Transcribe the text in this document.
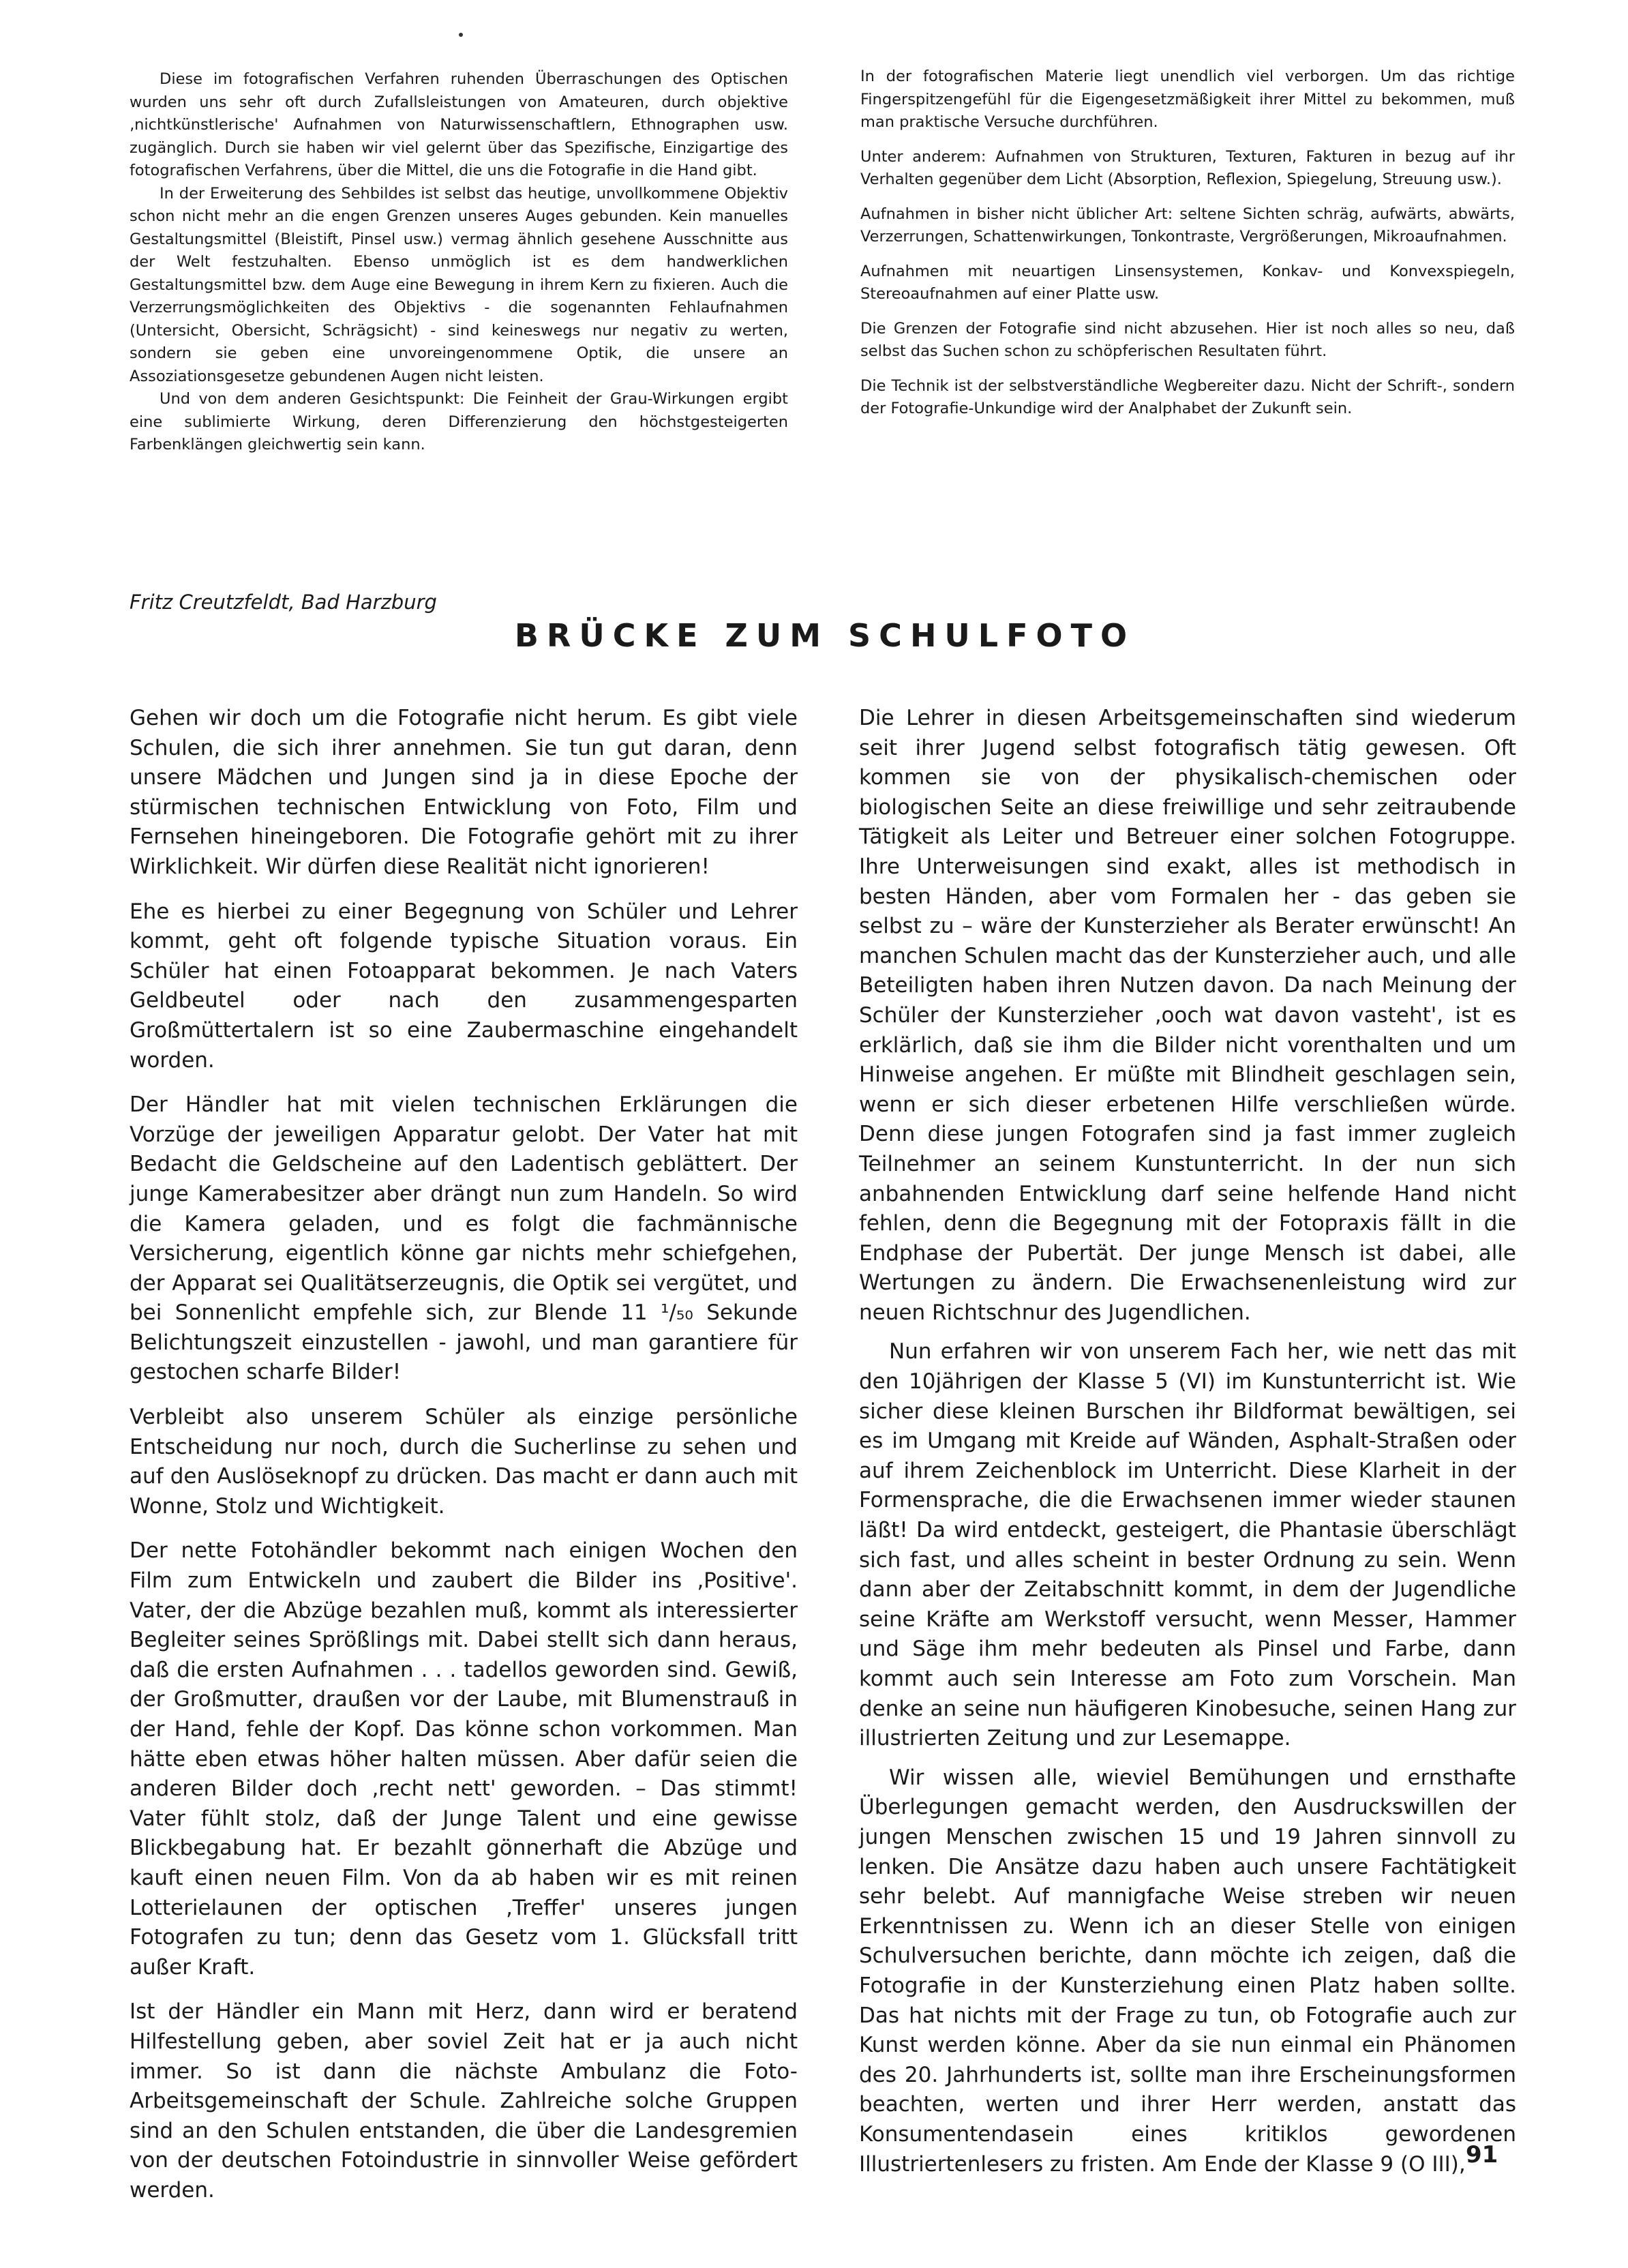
Diese im fotografischen Verfahren ruhenden Überraschungen des Optischen wurden uns sehr oft durch Zufallsleistungen von Amateuren, durch objektive ‚nichtkünstlerische' Aufnahmen von Naturwissenschaftlern, Ethnographen usw. zugänglich. Durch sie haben wir viel gelernt über das Spezifische, Einzigartige des fotografischen Verfahrens, über die Mittel, die uns die Fotografie in die Hand gibt.

In der Erweiterung des Sehbildes ist selbst das heutige, unvollkommene Objektiv schon nicht mehr an die engen Grenzen unseres Auges gebunden. Kein manuelles Gestaltungsmittel (Bleistift, Pinsel usw.) vermag ähnlich gesehene Ausschnitte aus der Welt festzuhalten. Ebenso unmöglich ist es dem handwerklichen Gestaltungsmittel bzw. dem Auge eine Bewegung in ihrem Kern zu fixieren. Auch die Verzerrungsmöglichkeiten des Objektivs - die sogenannten Fehlaufnahmen (Untersicht, Obersicht, Schrägsicht) - sind keineswegs nur negativ zu werten, sondern sie geben eine unvoreingenommene Optik, die unsere an Assoziationsgesetze gebundenen Augen nicht leisten.

Und von dem anderen Gesichtspunkt: Die Feinheit der Grau-Wirkungen ergibt eine sublimierte Wirkung, deren Differenzierung den höchstgesteigerten Farbenklängen gleichwertig sein kann.

In der fotografischen Materie liegt unendlich viel verborgen. Um das richtige Fingerspitzengefühl für die Eigengesetzmäßigkeit ihrer Mittel zu bekommen, muß man praktische Versuche durchführen.

Unter anderem: Aufnahmen von Strukturen, Texturen, Fakturen in bezug auf ihr Verhalten gegenüber dem Licht (Absorption, Reflexion, Spiegelung, Streuung usw.).

Aufnahmen in bisher nicht üblicher Art: seltene Sichten schräg, aufwärts, abwärts, Verzerrungen, Schattenwirkungen, Tonkontraste, Vergrößerungen, Mikroaufnahmen.

Aufnahmen mit neuartigen Linsensystemen, Konkav- und Konvexspiegeln, Stereoaufnahmen auf einer Platte usw.

Die Grenzen der Fotografie sind nicht abzusehen. Hier ist noch alles so neu, daß selbst das Suchen schon zu schöpferischen Resultaten führt.

Die Technik ist der selbstverständliche Wegbereiter dazu. Nicht der Schrift-, sondern der Fotografie-Unkundige wird der Analphabet der Zukunft sein.

Fritz Creutzfeldt, Bad Harzburg
BRÜCKE ZUM SCHULFOTO

Gehen wir doch um die Fotografie nicht herum. Es gibt viele Schulen, die sich ihrer annehmen. Sie tun gut daran, denn unsere Mädchen und Jungen sind ja in diese Epoche der stürmischen technischen Entwicklung von Foto, Film und Fernsehen hineingeboren. Die Fotografie gehört mit zu ihrer Wirklichkeit. Wir dürfen diese Realität nicht ignorieren!

Ehe es hierbei zu einer Begegnung von Schüler und Lehrer kommt, geht oft folgende typische Situation voraus. Ein Schüler hat einen Fotoapparat bekommen. Je nach Vaters Geldbeutel oder nach den zusammengesparten Großmüttertalern ist so eine Zaubermaschine eingehandelt worden.

Der Händler hat mit vielen technischen Erklärungen die Vorzüge der jeweiligen Apparatur gelobt. Der Vater hat mit Bedacht die Geldscheine auf den Ladentisch geblättert. Der junge Kamerabesitzer aber drängt nun zum Handeln. So wird die Kamera geladen, und es folgt die fachmännische Versicherung, eigentlich könne gar nichts mehr schiefgehen, der Apparat sei Qualitätserzeugnis, die Optik sei vergütet, und bei Sonnenlicht empfehle sich, zur Blende 11 ¹/₅₀ Sekunde Belichtungszeit einzustellen - jawohl, und man garantiere für gestochen scharfe Bilder!

Verbleibt also unserem Schüler als einzige persönliche Entscheidung nur noch, durch die Sucherlinse zu sehen und auf den Auslöseknopf zu drücken. Das macht er dann auch mit Wonne, Stolz und Wichtigkeit.

Der nette Fotohändler bekommt nach einigen Wochen den Film zum Entwickeln und zaubert die Bilder ins ‚Positive'. Vater, der die Abzüge bezahlen muß, kommt als interessierter Begleiter seines Sprößlings mit. Dabei stellt sich dann heraus, daß die ersten Aufnahmen . . . tadellos geworden sind. Gewiß, der Großmutter, draußen vor der Laube, mit Blumenstrauß in der Hand, fehle der Kopf. Das könne schon vorkommen. Man hätte eben etwas höher halten müssen. Aber dafür seien die anderen Bilder doch ‚recht nett' geworden. – Das stimmt! Vater fühlt stolz, daß der Junge Talent und eine gewisse Blickbegabung hat. Er bezahlt gönnerhaft die Abzüge und kauft einen neuen Film. Von da ab haben wir es mit reinen Lotterielaunen der optischen ‚Treffer' unseres jungen Fotografen zu tun; denn das Gesetz vom 1. Glücksfall tritt außer Kraft.

Ist der Händler ein Mann mit Herz, dann wird er beratend Hilfestellung geben, aber soviel Zeit hat er ja auch nicht immer. So ist dann die nächste Ambulanz die Foto-Arbeitsgemeinschaft der Schule. Zahlreiche solche Gruppen sind an den Schulen entstanden, die über die Landesgremien von der deutschen Fotoindustrie in sinnvoller Weise gefördert werden.

Die Lehrer in diesen Arbeitsgemeinschaften sind wiederum seit ihrer Jugend selbst fotografisch tätig gewesen. Oft kommen sie von der physikalisch-chemischen oder biologischen Seite an diese freiwillige und sehr zeitraubende Tätigkeit als Leiter und Betreuer einer solchen Fotogruppe. Ihre Unterweisungen sind exakt, alles ist methodisch in besten Händen, aber vom Formalen her - das geben sie selbst zu – wäre der Kunsterzieher als Berater erwünscht! An manchen Schulen macht das der Kunsterzieher auch, und alle Beteiligten haben ihren Nutzen davon. Da nach Meinung der Schüler der Kunsterzieher ‚ooch wat davon vasteht', ist es erklärlich, daß sie ihm die Bilder nicht vorenthalten und um Hinweise angehen. Er müßte mit Blindheit geschlagen sein, wenn er sich dieser erbetenen Hilfe verschließen würde. Denn diese jungen Fotografen sind ja fast immer zugleich Teilnehmer an seinem Kunstunterricht. In der nun sich anbahnenden Entwicklung darf seine helfende Hand nicht fehlen, denn die Begegnung mit der Fotopraxis fällt in die Endphase der Pubertät. Der junge Mensch ist dabei, alle Wertungen zu ändern. Die Erwachsenenleistung wird zur neuen Richtschnur des Jugendlichen.

Nun erfahren wir von unserem Fach her, wie nett das mit den 10jährigen der Klasse 5 (VI) im Kunstunterricht ist. Wie sicher diese kleinen Burschen ihr Bildformat bewältigen, sei es im Umgang mit Kreide auf Wänden, Asphalt-Straßen oder auf ihrem Zeichenblock im Unterricht. Diese Klarheit in der Formensprache, die die Erwachsenen immer wieder staunen läßt! Da wird entdeckt, gesteigert, die Phantasie überschlägt sich fast, und alles scheint in bester Ordnung zu sein. Wenn dann aber der Zeitabschnitt kommt, in dem der Jugendliche seine Kräfte am Werkstoff versucht, wenn Messer, Hammer und Säge ihm mehr bedeuten als Pinsel und Farbe, dann kommt auch sein Interesse am Foto zum Vorschein. Man denke an seine nun häufigeren Kinobesuche, seinen Hang zur illustrierten Zeitung und zur Lesemappe.

Wir wissen alle, wieviel Bemühungen und ernsthafte Überlegungen gemacht werden, den Ausdruckswillen der jungen Menschen zwischen 15 und 19 Jahren sinnvoll zu lenken. Die Ansätze dazu haben auch unsere Fachtätigkeit sehr belebt. Auf mannigfache Weise streben wir neuen Erkenntnissen zu. Wenn ich an dieser Stelle von einigen Schulversuchen berichte, dann möchte ich zeigen, daß die Fotografie in der Kunsterziehung einen Platz haben sollte. Das hat nichts mit der Frage zu tun, ob Fotografie auch zur Kunst werden könne. Aber da sie nun einmal ein Phänomen des 20. Jahrhunderts ist, sollte man ihre Erscheinungsformen beachten, werten und ihrer Herr werden, anstatt das Konsumentendasein eines kritiklos gewordenen Illustriertenlesers zu fristen. Am Ende der Klasse 9 (O III), 91
